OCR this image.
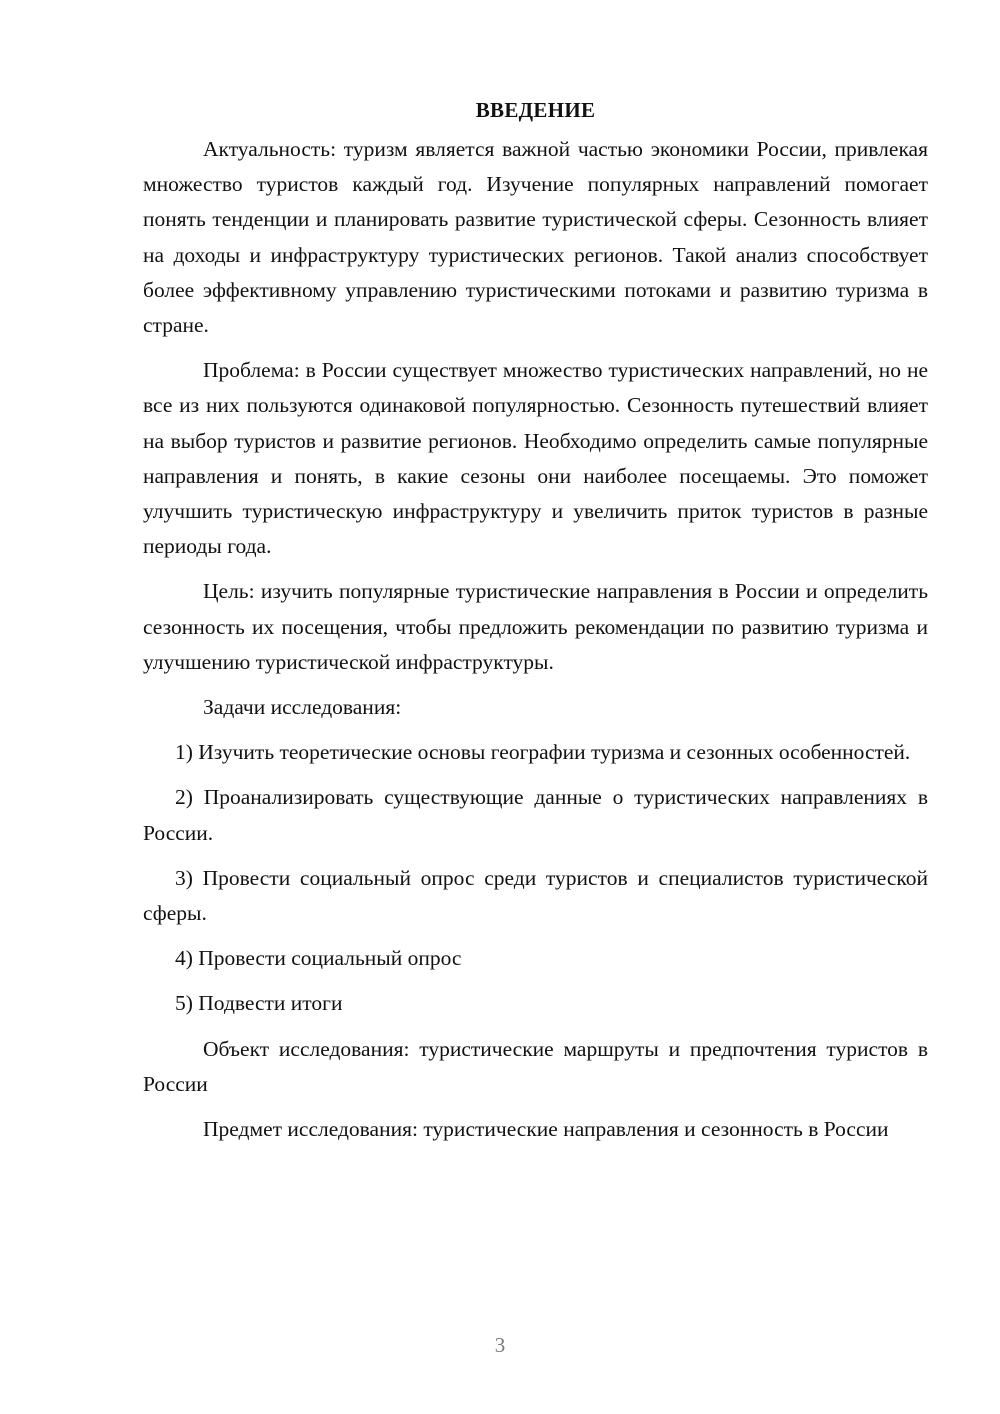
ВВЕДЕНИЕ

Актуальность: туризм является важной частью экономики России, привлекая множество туристов каждый год. Изучение популярных направлений помогает понять тенденции и планировать развитие туристической сферы. Сезонность влияет на доходы и инфраструктуру туристических регионов. Такой анализ способствует более эффективному управлению туристическими потоками и развитию туризма в стране.

Проблема: в России существует множество туристических направлений, но не все из них пользуются одинаковой популярностью. Сезонность путешествий влияет на выбор туристов и развитие регионов. Необходимо определить самые популярные направления и понять, в какие сезоны они наиболее посещаемы. Это поможет улучшить туристическую инфраструктуру и увеличить приток туристов в разные периоды года.

Цель: изучить популярные туристические направления в России и определить сезонность их посещения, чтобы предложить рекомендации по развитию туризма и улучшению туристической инфраструктуры.

Задачи исследования:

1) Изучить теоретические основы географии туризма и сезонных особенностей.

2) Проанализировать существующие данные о туристических направлениях в России.

3) Провести социальный опрос среди туристов и специалистов туристической сферы.

4) Провести социальный опрос

5) Подвести итоги

Объект исследования: туристические маршруты и предпочтения туристов в России

Предмет исследования: туристические направления и сезонность в России

3
